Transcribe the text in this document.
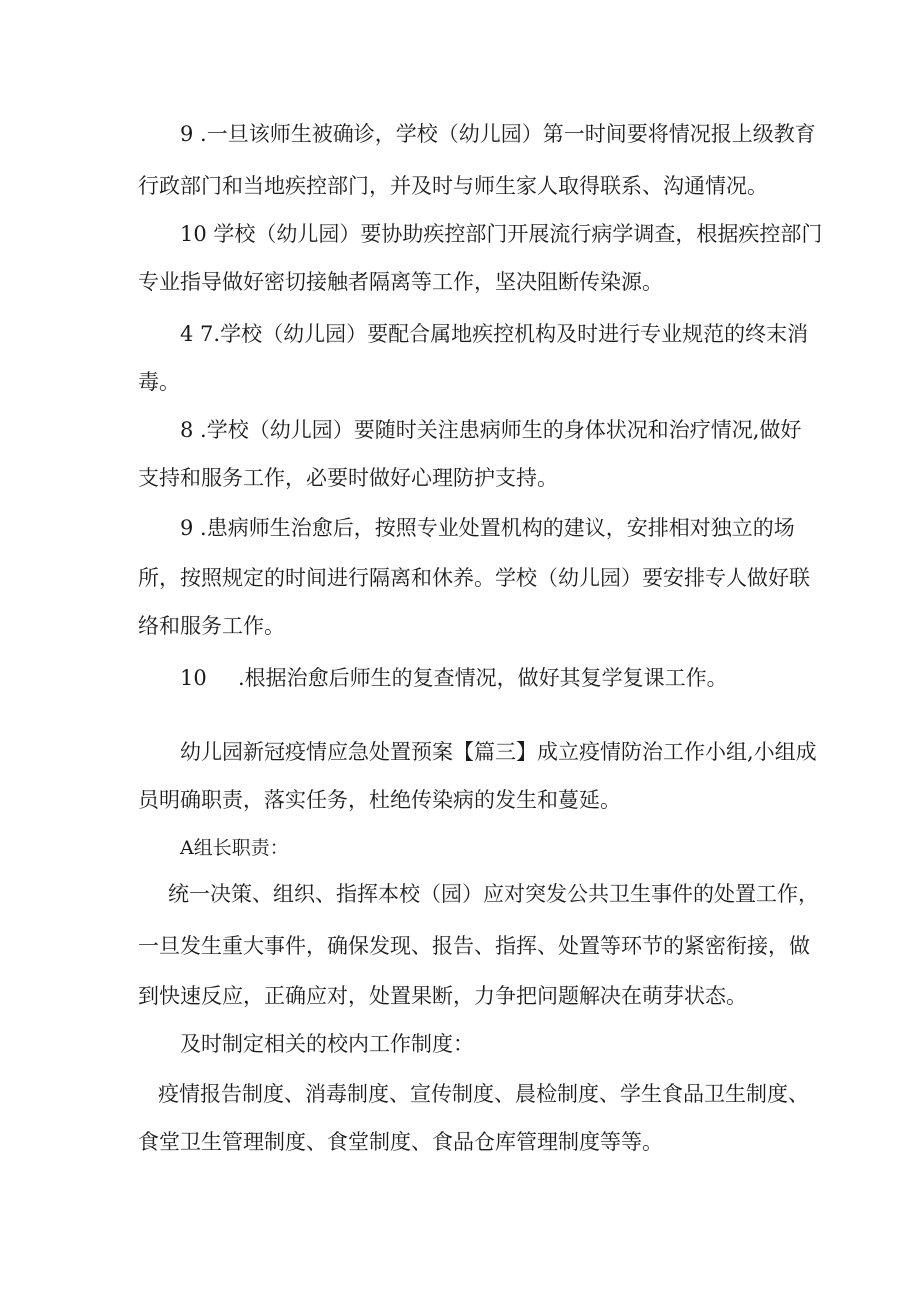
9 .一旦该师生被确诊，学校（幼儿园）第一时间要将情况报上级教育

行政部门和当地疾控部门，并及时与师生家人取得联系、沟通情况。

10 学校（幼儿园）要协助疾控部门开展流行病学调查，根据疾控部门

专业指导做好密切接触者隔离等工作，坚决阻断传染源。

4 7.学校（幼儿园）要配合属地疾控机构及时进行专业规范的终末消

毒。

8 .学校（幼儿园）要随时关注患病师生的身体状况和治疗情况,做好

支持和服务工作，必要时做好心理防护支持。

9 .患病师生治愈后，按照专业处置机构的建议，安排相对独立的场

所，按照规定的时间进行隔离和休养。学校（幼儿园）要安排专人做好联

络和服务工作。

10 .根据治愈后师生的复查情况，做好其复学复课工作。

幼儿园新冠疫情应急处置预案【篇三】成立疫情防治工作小组,小组成

员明确职责，落实任务，杜绝传染病的发生和蔓延。

A组长职责：

统一决策、组织、指挥本校（园）应对突发公共卫生事件的处置工作，

一旦发生重大事件，确保发现、报告、指挥、处置等环节的紧密衔接，做

到快速反应，正确应对，处置果断，力争把问题解决在萌芽状态。

及时制定相关的校内工作制度：

疫情报告制度、消毒制度、宣传制度、晨检制度、学生食品卫生制度、

食堂卫生管理制度、食堂制度、食品仓库管理制度等等。
